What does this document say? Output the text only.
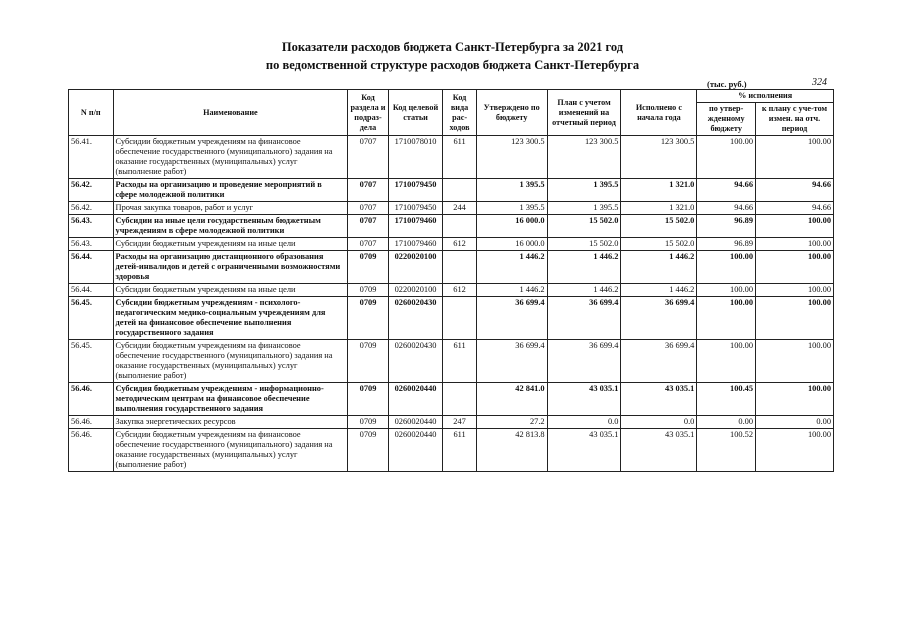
Показатели расходов бюджета Санкт-Петербурга за 2021 год
по ведомственной структуре расходов бюджета Санкт-Петербурга
(тыс. руб.)	324
N п/п	Наименование	Код раздела и подраз-дела	Код целевой статьи	Код вида рас-ходов	Утверждено по бюджету	План с учетом изменений на отчетный период	Исполнено с начала года	% исполнения	
								по утвер-жденному бюджету	к плану с уче-том измен. на отч. период
56.41.	Субсидии бюджетным учреждениям на финансовое обеспечение государственного (муниципального) задания на оказание государственных (муниципальных) услуг (выполнение работ)	0707	1710078010	611	123 300.5	123 300.5	123 300.5	100.00	100.00
56.42.	Расходы на организацию и проведение мероприятий в сфере молодежной политики	0707	1710079450		1 395.5	1 395.5	1 321.0	94.66	94.66
56.42.	Прочая закупка товаров, работ и услуг	0707	1710079450	244	1 395.5	1 395.5	1 321.0	94.66	94.66
56.43.	Субсидии на иные цели государственным бюджетным учреждениям в сфере молодежной политики	0707	1710079460		16 000.0	15 502.0	15 502.0	96.89	100.00
56.43.	Субсидии бюджетным учреждениям на иные цели	0707	1710079460	612	16 000.0	15 502.0	15 502.0	96.89	100.00
56.44.	Расходы на организацию дистанционного образования детей-инвалидов и детей с ограниченными возможностями здоровья	0709	0220020100		1 446.2	1 446.2	1 446.2	100.00	100.00
56.44.	Субсидии бюджетным учреждениям на иные цели	0709	0220020100	612	1 446.2	1 446.2	1 446.2	100.00	100.00
56.45.	Субсидии бюджетным учреждениям - психолого-педагогическим медико-социальным учреждениям для детей на финансовое обеспечение выполнения государственного задания	0709	0260020430		36 699.4	36 699.4	36 699.4	100.00	100.00
56.45.	Субсидии бюджетным учреждениям на финансовое обеспечение государственного (муниципального) задания на оказание государственных (муниципальных) услуг (выполнение работ)	0709	0260020430	611	36 699.4	36 699.4	36 699.4	100.00	100.00
56.46.	Субсидия бюджетным учреждениям - информационно-методическим центрам на финансовое обеспечение выполнения государственного задания	0709	0260020440		42 841.0	43 035.1	43 035.1	100.45	100.00
56.46.	Закупка энергетических ресурсов	0709	0260020440	247	27.2	0.0	0.0	0.00	0.00
56.46.	Субсидии бюджетным учреждениям на финансовое обеспечение государственного (муниципального) задания на оказание государственных (муниципальных) услуг (выполнение работ)	0709	0260020440	611	42 813.8	43 035.1	43 035.1	100.52	100.00
